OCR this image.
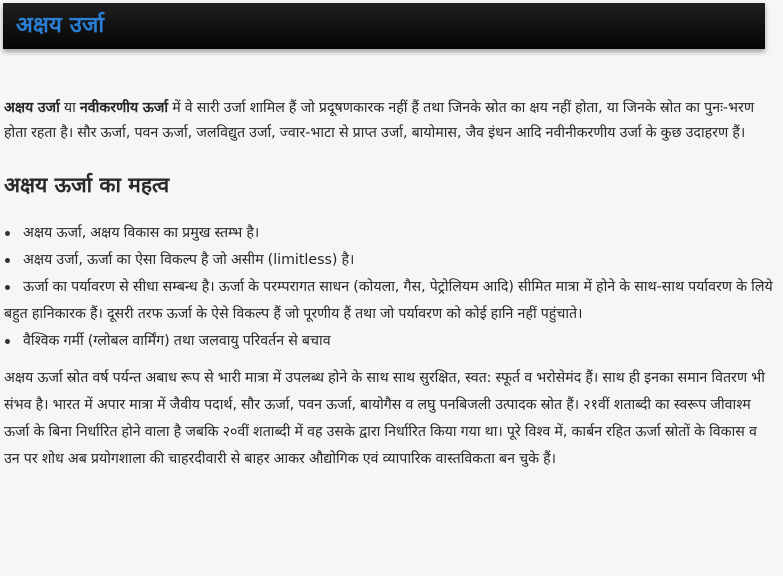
अक्षय उर्जा

अक्षय उर्जा या नवीकरणीय ऊर्जा में वे सारी उर्जा शामिल हैं जो प्रदूषणकारक नहीं हैं तथा जिनके स्रोत का क्षय नहीं होता, या जिनके स्रोत का पुनः-भरण होता रहता है। सौर ऊर्जा, पवन ऊर्जा, जलविद्युत उर्जा, ज्वार-भाटा से प्राप्त उर्जा, बायोमास, जैव इंधन आदि नवीनीकरणीय उर्जा के कुछ उदाहरण हैं।

अक्षय ऊर्जा का महत्व
अक्षय ऊर्जा, अक्षय विकास का प्रमुख स्तम्भ है।
अक्षय उर्जा, ऊर्जा का ऐसा विकल्प है जो असीम (limitless) है।
ऊर्जा का पर्यावरण से सीधा सम्बन्ध है। ऊर्जा के परम्परागत साधन (कोयला, गैस, पेट्रोलियम आदि) सीमित मात्रा में होने के साथ-साथ पर्यावरण के लिये बहुत हानिकारक हैं। दूसरी तरफ ऊर्जा के ऐसे विकल्प हैं जो पूरणीय हैं तथा जो पर्यावरण को कोई हानि नहीं पहुंचाते।
वैश्विक गर्मी (ग्लोबल वार्मिंग) तथा जलवायु परिवर्तन से बचाव

अक्षय ऊर्जा स्रोत वर्ष पर्यन्त अबाध रूप से भारी मात्रा में उपलब्ध होने के साथ साथ सुरक्षित, स्वत: स्फूर्त व भरोसेमंद हैं। साथ ही इनका समान वितरण भी संभव है। भारत में अपार मात्रा में जैवीय पदार्थ, सौर ऊर्जा, पवन ऊर्जा, बायोगैस व लघु पनबिजली उत्पादक स्रोत हैं। २१वीं शताब्दी का स्वरूप जीवाश्म ऊर्जा के बिना निर्धारित होने वाला है जबकि २०वीं शताब्दी में वह उसके द्वारा निर्धारित किया गया था। पूरे विश्व में, कार्बन रहित ऊर्जा स्रोतों के विकास व उन पर शोध अब प्रयोगशाला की चाहरदीवारी से बाहर आकर औद्योगिक एवं व्यापारिक वास्तविकता बन चुके हैं।
